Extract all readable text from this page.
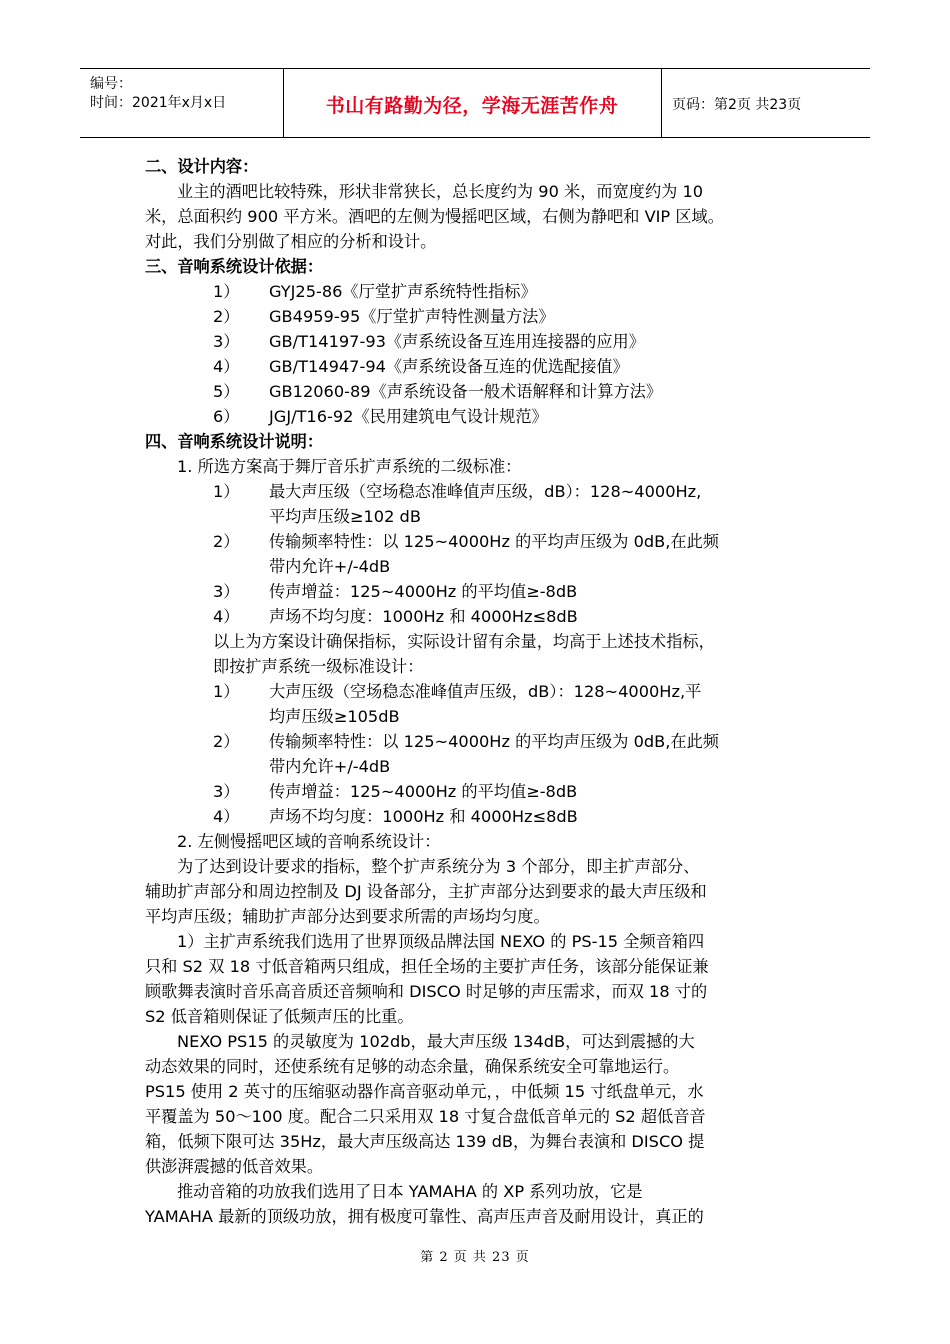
编号：
时间：2021年x月x日	书山有路勤为径，学海无涯苦作舟	页码：第2页 共23页
二、设计内容：
业主的酒吧比较特殊，形状非常狭长，总长度约为 90 米，而宽度约为 10
米，总面积约 900 平方米。酒吧的左侧为慢摇吧区域，右侧为静吧和 VIP 区域。
对此，我们分别做了相应的分析和设计。
三、音响系统设计依据：
1）	GYJ25-86《厅堂扩声系统特性指标》
2）	GB4959-95《厅堂扩声特性测量方法》
3）	GB/T14197-93《声系统设备互连用连接器的应用》
4）	GB/T14947-94《声系统设备互连的优选配接值》
5）	GB12060-89《声系统设备一般术语解释和计算方法》
6）	JGJ/T16-92《民用建筑电气设计规范》
四、音响系统设计说明：
1. 所选方案高于舞厅音乐扩声系统的二级标准：
1）	最大声压级（空场稳态准峰值声压级，dB）：128~4000Hz,
平均声压级≥102 dB
2）	传输频率特性：以 125~4000Hz 的平均声压级为 0dB,在此频
带内允许+/-4dB
3）	传声增益：125~4000Hz 的平均值≥-8dB
4）	声场不均匀度：1000Hz 和 4000Hz≤8dB
以上为方案设计确保指标，实际设计留有余量，均高于上述技术指标，
即按扩声系统一级标准设计：
1）	大声压级（空场稳态准峰值声压级，dB）：128~4000Hz,平
均声压级≥105dB
2）	传输频率特性：以 125~4000Hz 的平均声压级为 0dB,在此频
带内允许+/-4dB
3）	传声增益：125~4000Hz 的平均值≥-8dB
4）	声场不均匀度：1000Hz 和 4000Hz≤8dB
2. 左侧慢摇吧区域的音响系统设计：
为了达到设计要求的指标，整个扩声系统分为 3 个部分，即主扩声部分、
辅助扩声部分和周边控制及 DJ 设备部分，主扩声部分达到要求的最大声压级和
平均声压级；辅助扩声部分达到要求所需的声场均匀度。
1）主扩声系统我们选用了世界顶级品牌法国 NEXO 的 PS-15 全频音箱四
只和 S2 双 18 寸低音箱两只组成，担任全场的主要扩声任务，该部分能保证兼
顾歌舞表演时音乐高音质还音频响和 DISCO 时足够的声压需求，而双 18 寸的
S2 低音箱则保证了低频声压的比重。
NEXO PS15 的灵敏度为 102db，最大声压级 134dB，可达到震撼的大
动态效果的同时，还使系统有足够的动态余量，确保系统安全可靠地运行。
PS15 使用 2 英寸的压缩驱动器作高音驱动单元，，中低频 15 寸纸盘单元，水
平覆盖为 50～100 度。配合二只采用双 18 寸复合盘低音单元的 S2 超低音音
箱，低频下限可达 35Hz，最大声压级高达 139 dB，为舞台表演和 DISCO 提
供澎湃震撼的低音效果。
推动音箱的功放我们选用了日本 YAMAHA 的 XP 系列功放，它是
YAMAHA 最新的顶级功放，拥有极度可靠性、高声压声音及耐用设计，真正的
第 2 页 共 23 页
